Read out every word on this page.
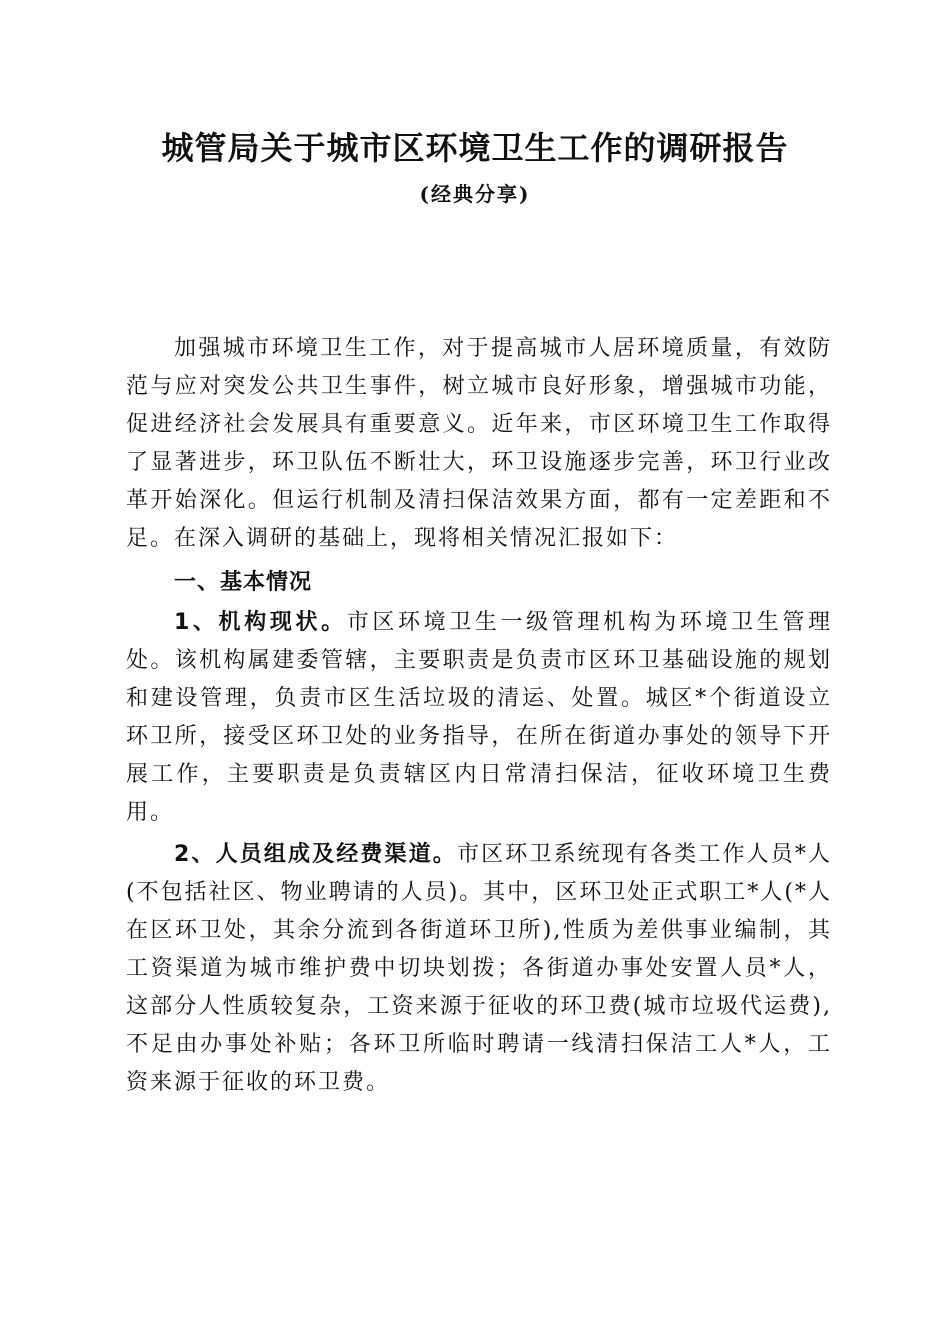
城管局关于城市区环境卫生工作的调研报告
(经典分享)

加强城市环境卫生工作，对于提高城市人居环境质量，有效防范与应对突发公共卫生事件，树立城市良好形象，增强城市功能，促进经济社会发展具有重要意义。近年来，市区环境卫生工作取得了显著进步，环卫队伍不断壮大，环卫设施逐步完善，环卫行业改革开始深化。但运行机制及清扫保洁效果方面，都有一定差距和不足。在深入调研的基础上，现将相关情况汇报如下：

一、基本情况

1、机构现状。市区环境卫生一级管理机构为环境卫生管理处。该机构属建委管辖，主要职责是负责市区环卫基础设施的规划和建设管理，负责市区生活垃圾的清运、处置。城区*个街道设立环卫所，接受区环卫处的业务指导，在所在街道办事处的领导下开展工作，主要职责是负责辖区内日常清扫保洁，征收环境卫生费用。

2、人员组成及经费渠道。市区环卫系统现有各类工作人员*人(不包括社区、物业聘请的人员)。其中，区环卫处正式职工*人(*人在区环卫处，其余分流到各街道环卫所),性质为差供事业编制，其工资渠道为城市维护费中切块划拨；各街道办事处安置人员*人，这部分人性质较复杂，工资来源于征收的环卫费(城市垃圾代运费),不足由办事处补贴；各环卫所临时聘请一线清扫保洁工人*人，工资来源于征收的环卫费。
